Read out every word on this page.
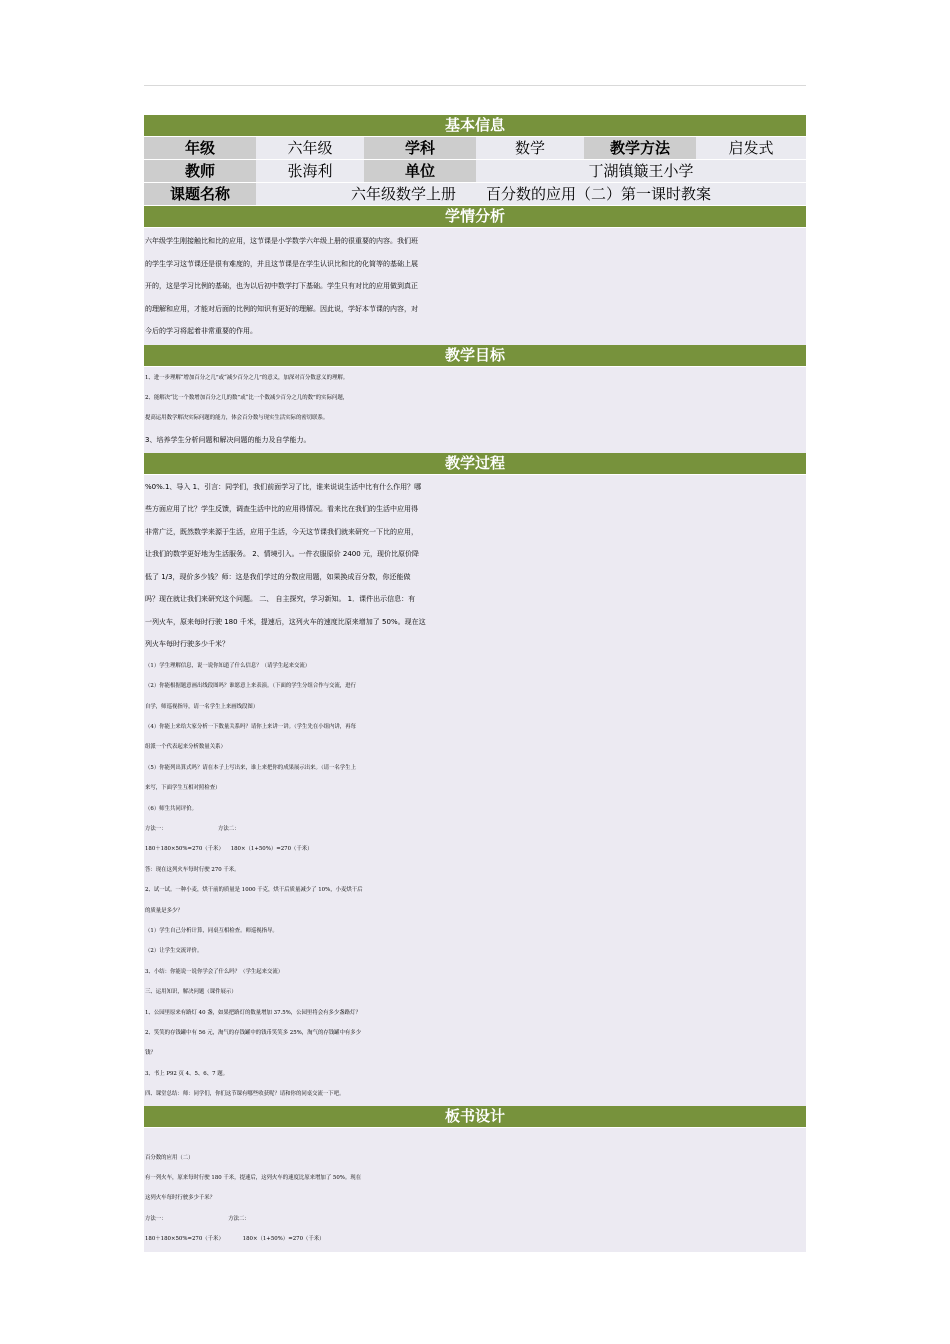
基本信息
年级	六年级	学科	数学	教学方法	启发式
教师	张海利	单位	丁湖镇簸王小学
课题名称	六年级数学上册　　百分数的应用（二）第一课时教案
学情分析

六年级学生刚接触比和比的应用，这节课是小学数学六年级上册的很重要的内容。我们班

的学生学习这节课还是很有难度的，并且这节课是在学生认识比和比的化简等的基础上展

开的，这是学习比例的基础，也为以后初中数学打下基础。学生只有对比的应用做到真正

的理解和应用，才能对后面的比例的知识有更好的理解。因此说，学好本节课的内容，对

今后的学习将起着非常重要的作用。

教学目标

1、进一步理解“增加百分之几”或“减少百分之几”的意义，加深对百分数意义的理解。

2、能解决“比一个数增加百分之几的数”或“比一个数减少百分之几的数”的实际问题，

提高运用数学解决实际问题的能力，体会百分数与现实生活实际的密切联系。

3、培养学生分析问题和解决问题的能力及自学能力。

教学过程

%0%.1、导入 1、引言：同学们，我们前面学习了比，谁来说说生活中比有什么作用？哪

些方面应用了比？学生反馈，调查生活中比的应用得情况。看来比在我们的生活中应用得

非常广泛，既然数学来源于生活，应用于生活，今天这节课我们就来研究一下比的应用，

让我们的数学更好地为生活服务。 2、情境引入。一件衣服原价 2400 元，现价比原价降

低了 1/3，现价多少钱？师：这是我们学过的分数应用题，如果换成百分数，你还能做

吗？现在就让我们来研究这个问题。 二、 自主探究，学习新知。 1．课件出示信息：有

一列火车，原来每时行驶 180 千米，提速后，这列火车的速度比原来增加了 50%。现在这

列火车每时行驶多少千米？

（1）学生理解信息，说一说你知道了什么信息？（请学生起来交流）

（2）你能根据题意画出线段图吗？谁愿意上来表演。（下面的学生分组合作与交流，进行

自学，师巡视指导，请一名学生上来画线段图）

（4）你能上来给大家分析一下数量关系吗？请你上来讲一讲。（学生先在小组内讲，再每

组派一个代表起来分析数量关系）

（5）你能列出算式吗？请在本子上写出来，谁上来把你的成果展示出来。（请一名学生上

来写，下面学生互相对照检查）

（6）师生共同评价。

方法一：                              方法二：

180＋180×50%=270（千米）    180×（1+50%）=270（千米）

答：现在这列火车每时行驶 270 千米。

2、试一试。一种小麦，烘干前的质量是 1000 千克，烘干后质量减少了 10%，小麦烘干后

的质量是多少？

（1）学生自己分析计算，同桌互相检查。师巡视指导。

（2）让学生交流评价。

3、小结：你能说一说你学会了什么吗？（学生起来交流）

三、运用知识，解决问题（课件展示）

1、公园里原来有路灯 40 盏，如果把路灯的数量增加 37.5%，公园里将会有多少盏路灯？

2、笑笑的存钱罐中有 56 元，淘气的存钱罐中的钱币笑笑多 25%，淘气的存钱罐中有多少

钱？

3、书上 P92 页 4、5、6、7 题。

四、课堂总结：师：同学们，你们这节课有哪些收获呢？请和你的同桌交流一下吧。

板书设计

百分数的应用（二）

有一列火车，原来每时行驶 180 千米，提速后，这列火车的速度比原来增加了 50%。现在

这列火车每时行驶多少千米？

方法一：                                    方法二：

180＋180×50%=270（千米）           180×（1+50%）=270（千米）
